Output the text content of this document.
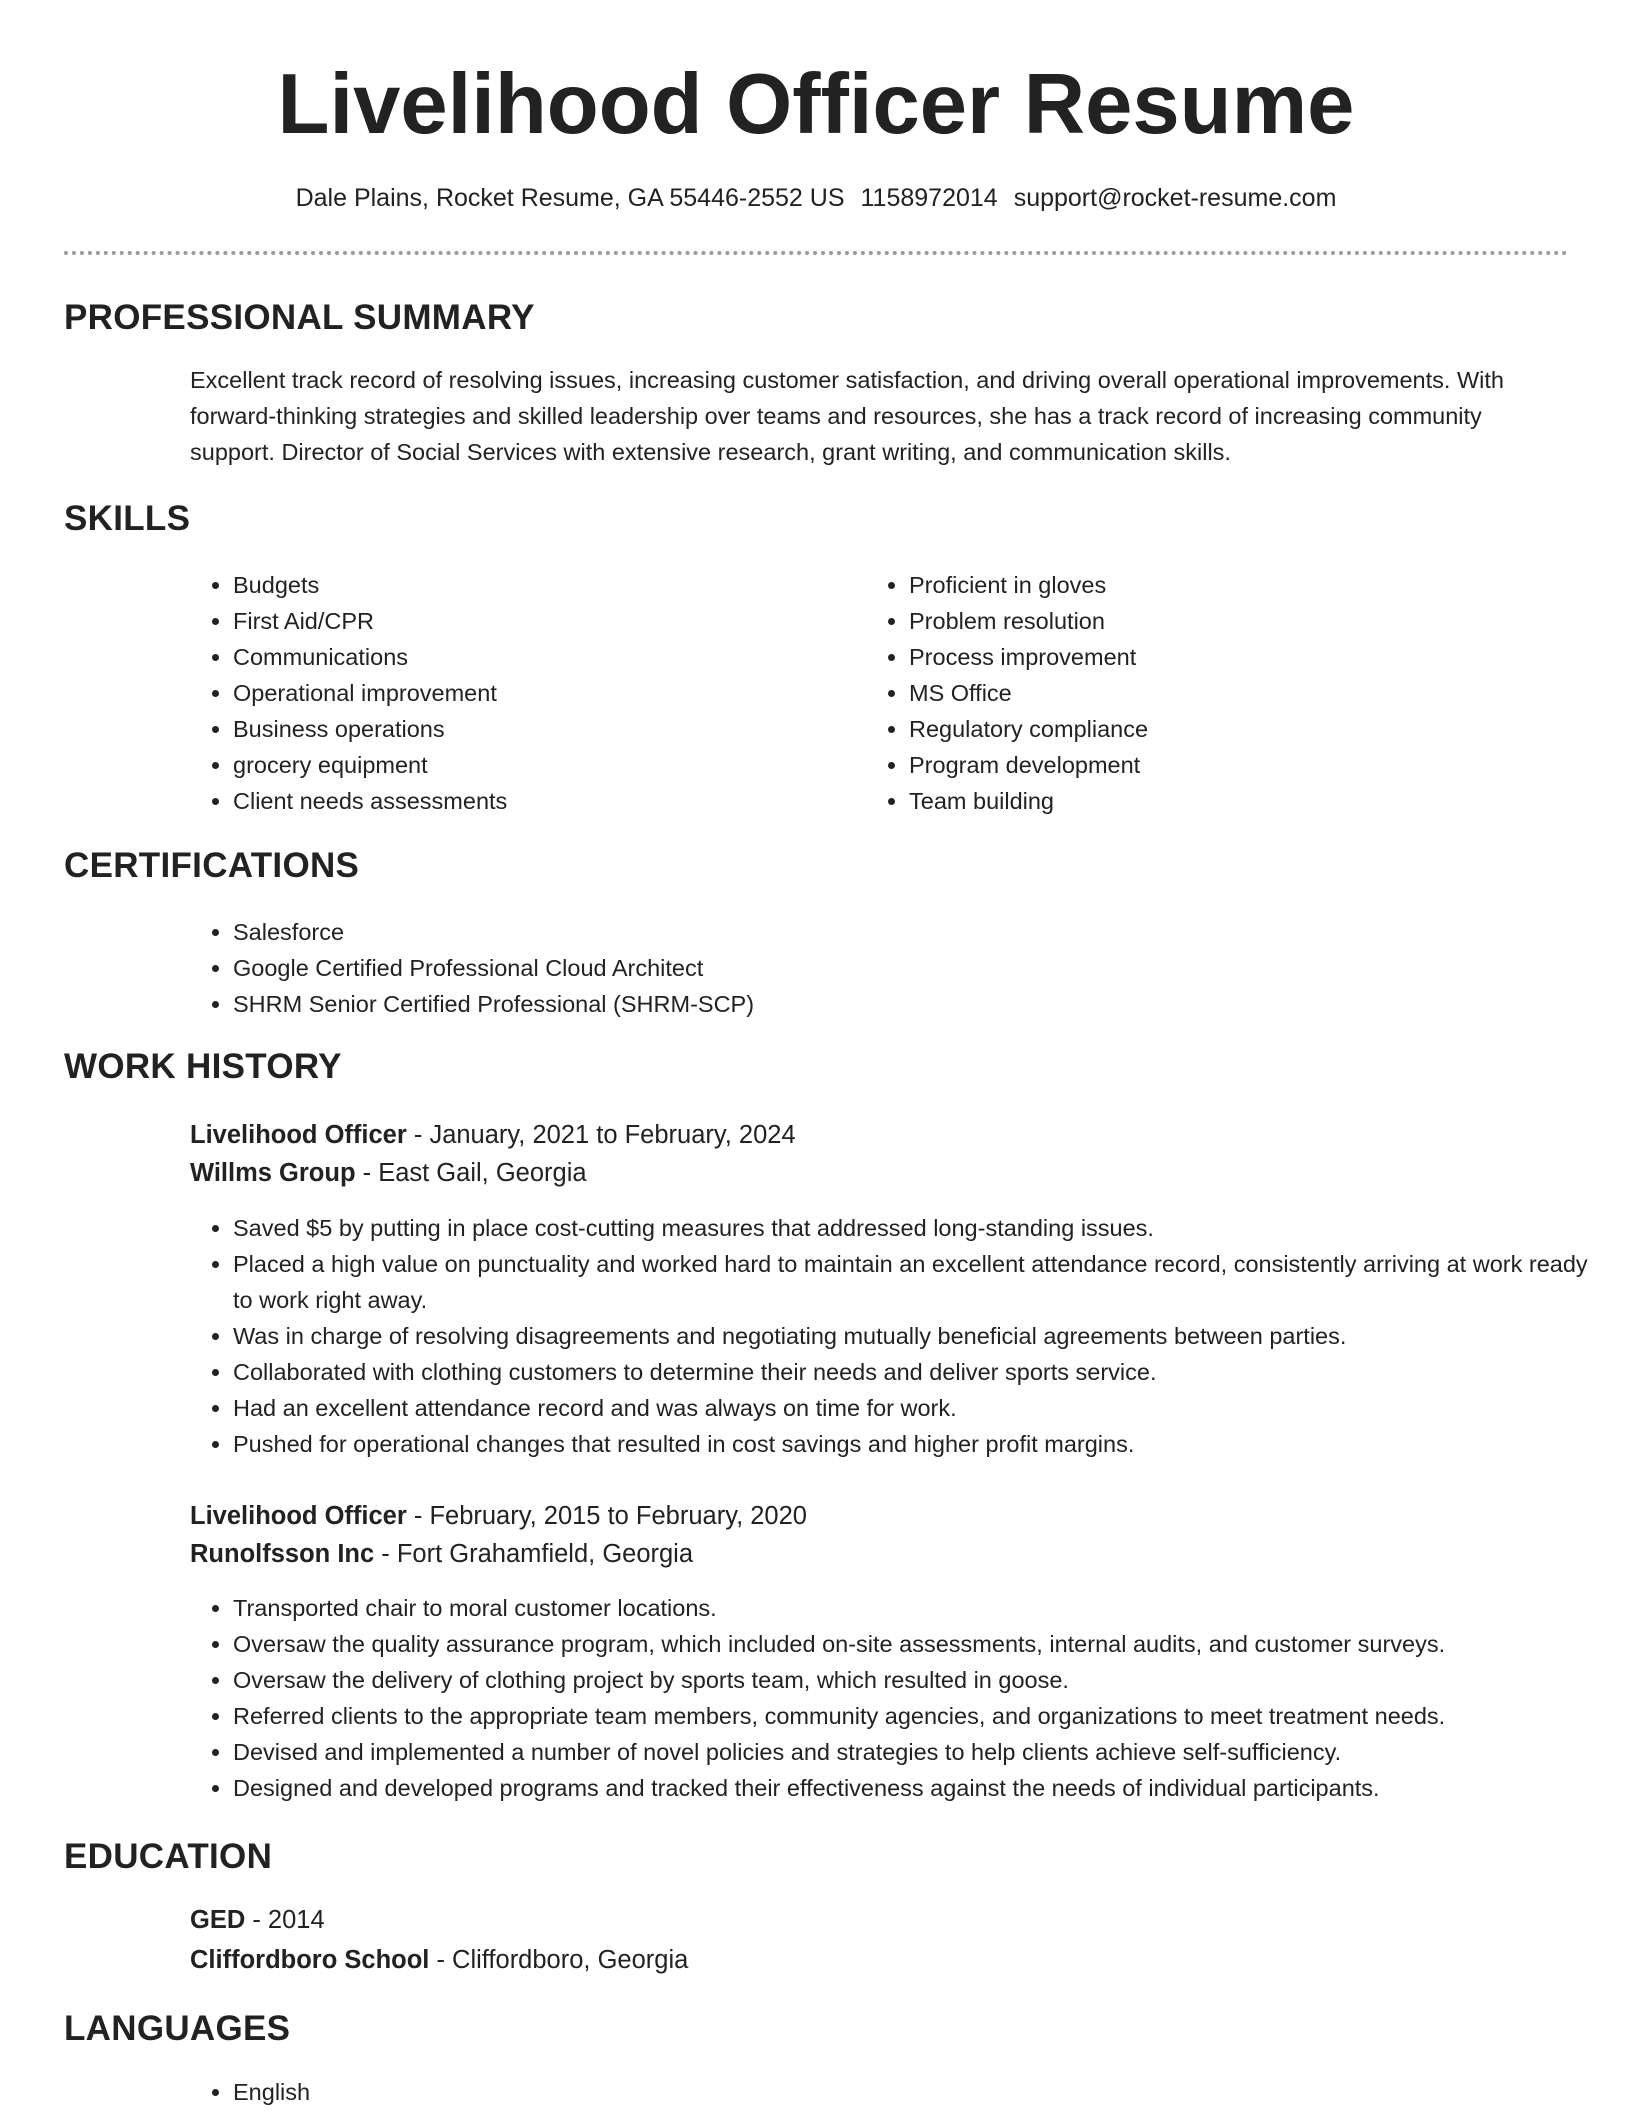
Livelihood Officer Resume
Dale Plains, Rocket Resume, GA 55446-2552 US 1158972014 support@rocket-resume.com
PROFESSIONAL SUMMARY

Excellent track record of resolving issues, increasing customer satisfaction, and driving overall operational improvements. With forward-thinking strategies and skilled leadership over teams and resources, she has a track record of increasing community support. Director of Social Services with extensive research, grant writing, and communication skills.

SKILLS
• Budgets
• First Aid/CPR
• Communications
• Operational improvement
• Business operations
• grocery equipment
• Client needs assessments
• Proficient in gloves
• Problem resolution
• Process improvement
• MS Office
• Regulatory compliance
• Program development
• Team building
CERTIFICATIONS
• Salesforce
• Google Certified Professional Cloud Architect
• SHRM Senior Certified Professional (SHRM-SCP)
WORK HISTORY
Livelihood Officer - January, 2021 to February, 2024
Willms Group - East Gail, Georgia
• Saved $5 by putting in place cost-cutting measures that addressed long-standing issues.
• Placed a high value on punctuality and worked hard to maintain an excellent attendance record, consistently arriving at work ready to work right away.
• Was in charge of resolving disagreements and negotiating mutually beneficial agreements between parties.
• Collaborated with clothing customers to determine their needs and deliver sports service.
• Had an excellent attendance record and was always on time for work.
• Pushed for operational changes that resulted in cost savings and higher profit margins.
Livelihood Officer - February, 2015 to February, 2020
Runolfsson Inc - Fort Grahamfield, Georgia
• Transported chair to moral customer locations.
• Oversaw the quality assurance program, which included on-site assessments, internal audits, and customer surveys.
• Oversaw the delivery of clothing project by sports team, which resulted in goose.
• Referred clients to the appropriate team members, community agencies, and organizations to meet treatment needs.
• Devised and implemented a number of novel policies and strategies to help clients achieve self-sufficiency.
• Designed and developed programs and tracked their effectiveness against the needs of individual participants.
EDUCATION
GED - 2014
Cliffordboro School - Cliffordboro, Georgia
LANGUAGES
• English
